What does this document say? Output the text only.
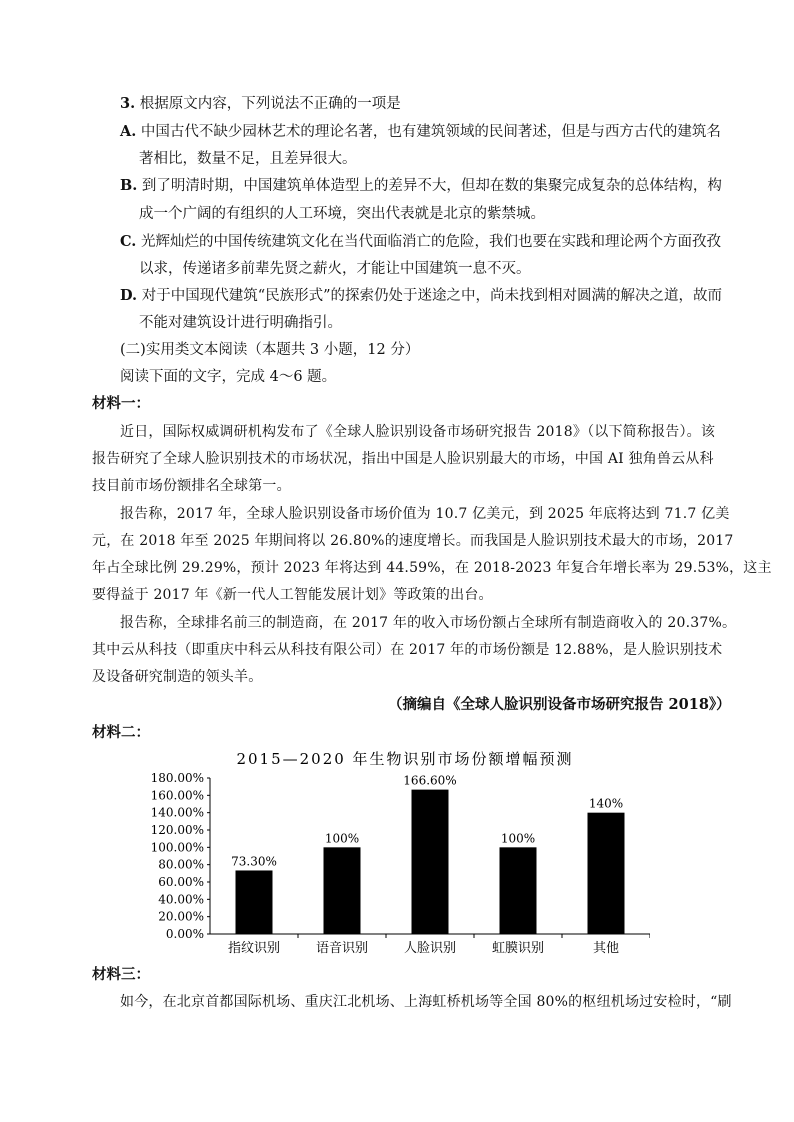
3. 根据原文内容，下列说法不正确的一项是
A. 中国古代不缺少园林艺术的理论名著，也有建筑领域的民间著述，但是与西方古代的建筑名
著相比，数量不足，且差异很大。
B. 到了明清时期，中国建筑单体造型上的差异不大，但却在数的集聚完成复杂的总体结构，构
成一个广阔的有组织的人工环境，突出代表就是北京的紫禁城。
C. 光辉灿烂的中国传统建筑文化在当代面临消亡的危险，我们也要在实践和理论两个方面孜孜
以求，传递诸多前辈先贤之薪火，才能让中国建筑一息不灭。
D. 对于中国现代建筑“民族形式”的探索仍处于迷途之中，尚未找到相对圆满的解决之道，故而
不能对建筑设计进行明确指引。
(二)实用类文本阅读（本题共 3 小题，12 分）
阅读下面的文字，完成 4～6 题。
材料一：
近日，国际权威调研机构发布了《全球人脸识别设备市场研究报告 2018》（以下简称报告）。该
报告研究了全球人脸识别技术的市场状况，指出中国是人脸识别最大的市场，中国 AI 独角兽云从科
技目前市场份额排名全球第一。
报告称，2017 年，全球人脸识别设备市场价值为 10.7 亿美元，到 2025 年底将达到 71.7 亿美
元，在 2018 年至 2025 年期间将以 26.80%的速度增长。而我国是人脸识别技术最大的市场，2017
年占全球比例 29.29%，预计 2023 年将达到 44.59%，在 2018-2023 年复合年增长率为 29.53%，这主
要得益于 2017 年《新一代人工智能发展计划》等政策的出台。
报告称，全球排名前三的制造商，在 2017 年的收入市场份额占全球所有制造商收入的 20.37%。
其中云从科技（即重庆中科云从科技有限公司）在 2017 年的市场份额是 12.88%，是人脸识别技术
及设备研究制造的领头羊。
（摘编自《全球人脸识别设备市场研究报告 2018》）
材料二：
2015—2020 年生物识别市场份额增幅预测
180.00%
160.00%
140.00%
120.00%
100.00%
80.00%
60.00%
40.00%
20.00%
0.00%
73.30%
100%
166.60%
100%
140%
指纹识别	语音识别	人脸识别	虹膜识别	其他
材料三：
如今，在北京首都国际机场、重庆江北机场、上海虹桥机场等全国 80%的枢纽机场过安检时，“刷
